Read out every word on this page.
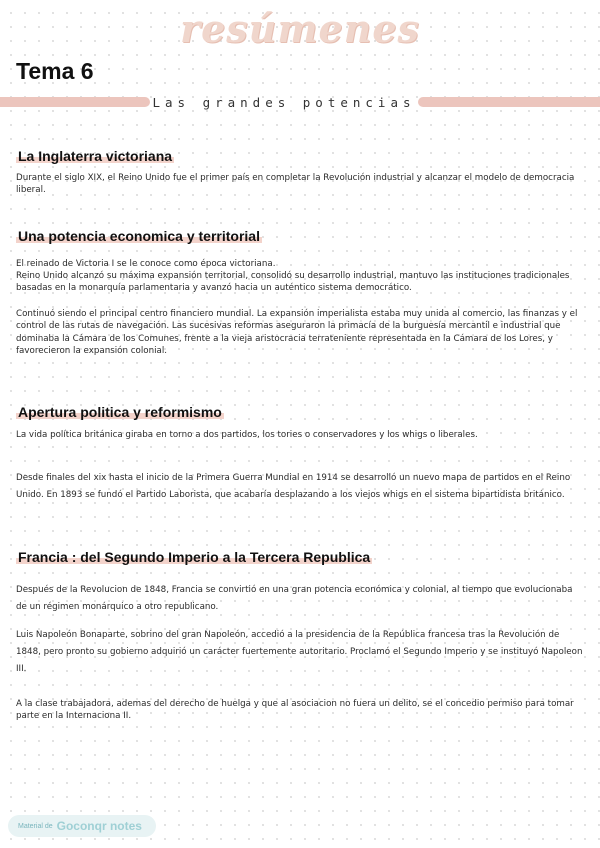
resúmenes
Tema 6
Las grandes potencias
La Inglaterra victoriana

Durante el siglo XIX, el Reino Unido fue el primer país en completar la Revolución industrial y alcanzar el modelo de democracia liberal.

Una potencia economica y territorial

El reinado de Victoria I se le conoce como época victoriana.

Reino Unido alcanzó su máxima expansión territorial, consolidó su desarrollo industrial, mantuvo las instituciones tradicionales basadas en la monarquía parlamentaria y avanzó hacia un auténtico sistema democrático.

Continuó siendo el principal centro financiero mundial. La expansión imperialista estaba muy unida al comercio, las finanzas y el control de las rutas de navegación. Las sucesivas reformas aseguraron la primacía de la burguesía mercantil e industrial que dominaba la Cámara de los Comunes, frente a la vieja aristocracia terrateniente representada en la Cámara de los Lores, y favorecieron la expansión colonial.

Apertura politica y reformismo

La vida política británica giraba en torno a dos partidos, los tories o conservadores y los whigs o liberales.

Desde finales del xix hasta el inicio de la Primera Guerra Mundial en 1914 se desarrolló un nuevo mapa de partidos en el Reino Unido. En 1893 se fundó el Partido Laborista, que acabaría desplazando a los viejos whigs en el sistema bipartidista británico.

Francia : del Segundo Imperio a la Tercera Republica

Después de la Revolucion de 1848, Francia se convirtió en una gran potencia económica y colonial, al tiempo que evolucionaba de un régimen monárquico a otro republicano.

Luis Napoleón Bonaparte, sobrino del gran Napoleón, accedió a la presidencia de la República francesa tras la Revolución de 1848, pero pronto su gobierno adquirió un carácter fuertemente autoritario. Proclamó el Segundo Imperio y se instituyó Napoleon III.

A la clase trabajadora, ademas del derecho de huelga y que al asociacion no fuera un delito, se el concedio permiso para tomar parte en la Internaciona II.

Material de Goconqr notes
